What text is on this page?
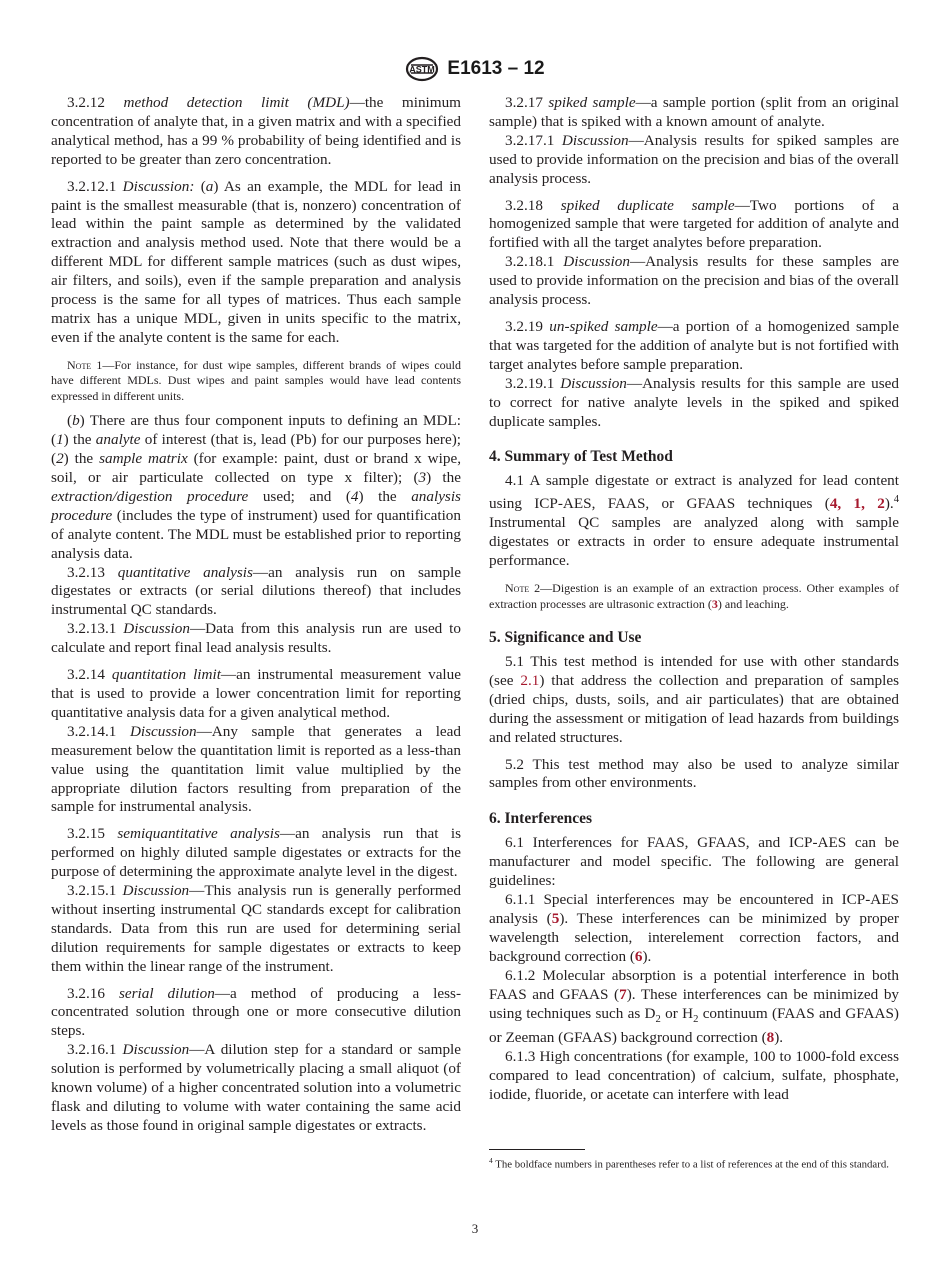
ASTM E1613 – 12

3.2.12 method detection limit (MDL)—the minimum concentration of analyte that, in a given matrix and with a specified analytical method, has a 99 % probability of being identified and is reported to be greater than zero concentration.

3.2.12.1 Discussion: (a) As an example, the MDL for lead in paint is the smallest measurable (that is, nonzero) concentration of lead within the paint sample as determined by the validated extraction and analysis method used. Note that there would be a different MDL for different sample matrices (such as dust wipes, air filters, and soils), even if the sample preparation and analysis process is the same for all types of matrices. Thus each sample matrix has a unique MDL, given in units specific to the matrix, even if the analyte content is the same for each.

Note 1—For instance, for dust wipe samples, different brands of wipes could have different MDLs. Dust wipes and paint samples would have lead contents expressed in different units.

(b) There are thus four component inputs to defining an MDL: (1) the analyte of interest (that is, lead (Pb) for our purposes here); (2) the sample matrix (for example: paint, dust or brand x wipe, soil, or air particulate collected on type x filter); (3) the extraction/digestion procedure used; and (4) the analysis procedure (includes the type of instrument) used for quantification of analyte content. The MDL must be established prior to reporting analysis data.

3.2.13 quantitative analysis—an analysis run on sample digestates or extracts (or serial dilutions thereof) that includes instrumental QC standards.

3.2.13.1 Discussion—Data from this analysis run are used to calculate and report final lead analysis results.

3.2.14 quantitation limit—an instrumental measurement value that is used to provide a lower concentration limit for reporting quantitative analysis data for a given analytical method.

3.2.14.1 Discussion—Any sample that generates a lead measurement below the quantitation limit is reported as a less-than value using the quantitation limit value multiplied by the appropriate dilution factors resulting from preparation of the sample for instrumental analysis.

3.2.15 semiquantitative analysis—an analysis run that is performed on highly diluted sample digestates or extracts for the purpose of determining the approximate analyte level in the digest.

3.2.15.1 Discussion—This analysis run is generally performed without inserting instrumental QC standards except for calibration standards. Data from this run are used for determining serial dilution requirements for sample digestates or extracts to keep them within the linear range of the instrument.

3.2.16 serial dilution—a method of producing a less-concentrated solution through one or more consecutive dilution steps.

3.2.16.1 Discussion—A dilution step for a standard or sample solution is performed by volumetrically placing a small aliquot (of known volume) of a higher concentrated solution into a volumetric flask and diluting to volume with water containing the same acid levels as those found in original sample digestates or extracts.

3.2.17 spiked sample—a sample portion (split from an original sample) that is spiked with a known amount of analyte.

3.2.17.1 Discussion—Analysis results for spiked samples are used to provide information on the precision and bias of the overall analysis process.

3.2.18 spiked duplicate sample—Two portions of a homogenized sample that were targeted for addition of analyte and fortified with all the target analytes before preparation.

3.2.18.1 Discussion—Analysis results for these samples are used to provide information on the precision and bias of the overall analysis process.

3.2.19 un-spiked sample—a portion of a homogenized sample that was targeted for the addition of analyte but is not fortified with target analytes before sample preparation.

3.2.19.1 Discussion—Analysis results for this sample are used to correct for native analyte levels in the spiked and spiked duplicate samples.

4. Summary of Test Method

4.1 A sample digestate or extract is analyzed for lead content using ICP-AES, FAAS, or GFAAS techniques (4, 1, 2).$^4$ Instrumental QC samples are analyzed along with sample digestates or extracts in order to ensure adequate instrumental performance.

Note 2—Digestion is an example of an extraction process. Other examples of extraction processes are ultrasonic extraction (3) and leaching.
5. Significance and Use

5.1 This test method is intended for use with other standards (see 2.1) that address the collection and preparation of samples (dried chips, dusts, soils, and air particulates) that are obtained during the assessment or mitigation of lead hazards from buildings and related structures.

5.2 This test method may also be used to analyze similar samples from other environments.

6. Interferences

6.1 Interferences for FAAS, GFAAS, and ICP-AES can be manufacturer and model specific. The following are general guidelines:

6.1.1 Special interferences may be encountered in ICP-AES analysis (5). These interferences can be minimized by proper wavelength selection, interelement correction factors, and background correction (6).

6.1.2 Molecular absorption is a potential interference in both FAAS and GFAAS (7). These interferences can be minimized by using techniques such as $D_2$ or $H_2$ continuum (FAAS and GFAAS) or Zeeman (GFAAS) background correction (8).

6.1.3 High concentrations (for example, 100 to 1000-fold excess compared to lead concentration) of calcium, sulfate, phosphate, iodide, fluoride, or acetate can interfere with lead

$^4$ The boldface numbers in parentheses refer to a list of references at the end of this standard.
3
